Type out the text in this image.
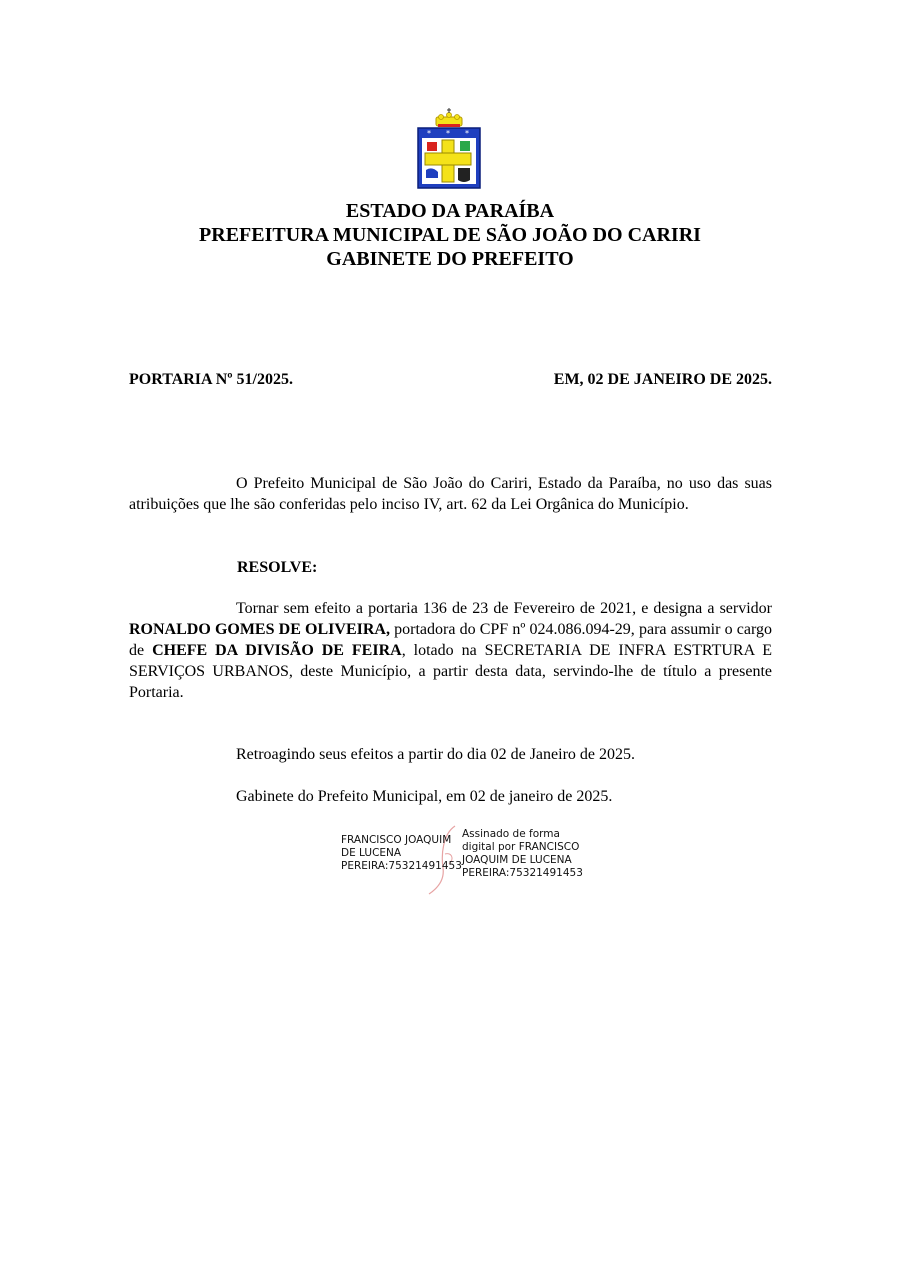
* * *
ESTADO DA PARAÍBA
PREFEITURA MUNICIPAL DE SÃO JOÃO DO CARIRI
GABINETE DO PREFEITO
PORTARIA Nº 51/2025.	EM, 02 DE JANEIRO DE 2025.
O Prefeito Municipal de São João do Cariri, Estado da Paraíba, no uso das suas atribuições que lhe são conferidas pelo inciso IV, art. 62 da Lei Orgânica do Município.
RESOLVE:
Tornar sem efeito a portaria 136 de 23 de Fevereiro de 2021, e designa a servidor RONALDO GOMES DE OLIVEIRA, portadora do CPF nº 024.086.094-29, para assumir o cargo de CHEFE DA DIVISÃO DE FEIRA, lotado na SECRETARIA DE INFRA ESTRTURA E SERVIÇOS URBANOS, deste Município, a partir desta data, servindo-lhe de título a presente Portaria.
Retroagindo seus efeitos a partir do dia 02 de Janeiro de 2025.
Gabinete do Prefeito Municipal, em 02 de janeiro de 2025.
FRANCISCO JOAQUIM
DE LUCENA
PEREIRA:75321491453
Assinado de forma
digital por FRANCISCO
JOAQUIM DE LUCENA
PEREIRA:75321491453
